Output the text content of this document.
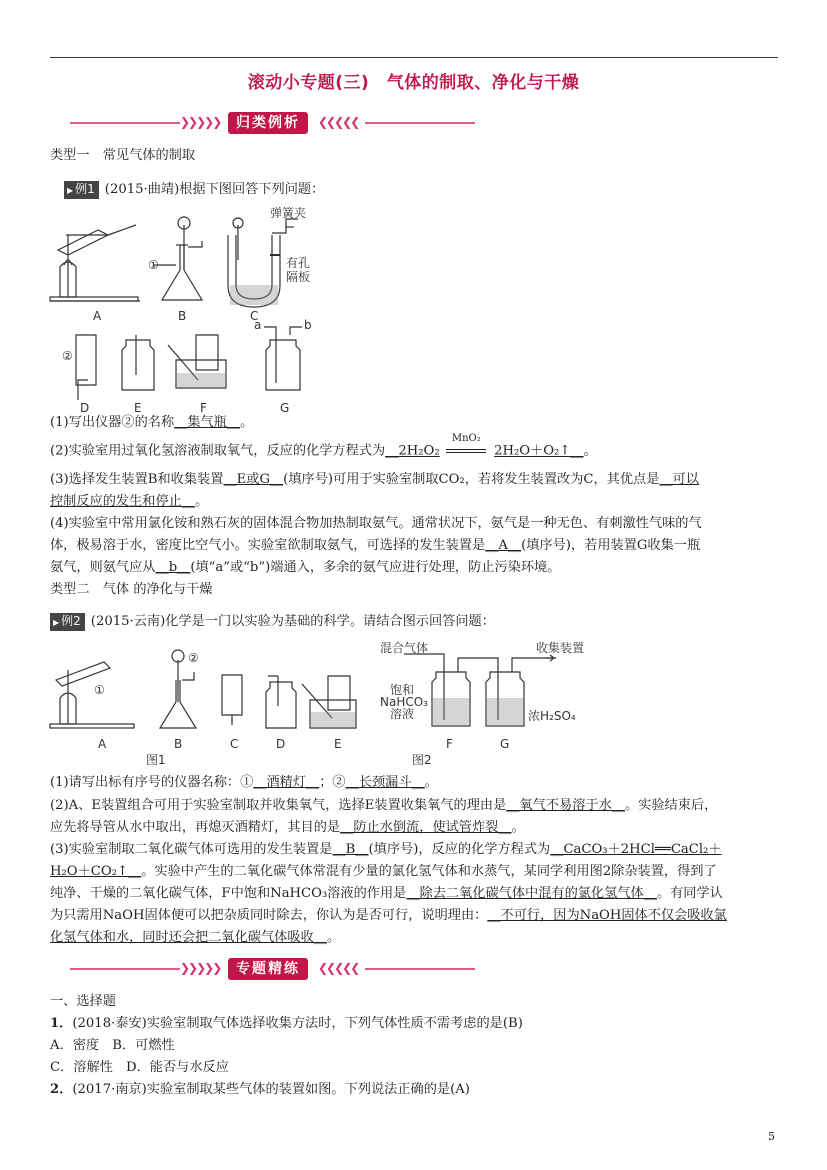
滚动小专题(三)　气体的制取、净化与干燥
❯❯❯❯❯	归类例析	❮❮❮❮❮
类型一　常见气体的制取
▶ 例1 (2015·曲靖)根据下图回答下列问题：
A	B	C
D	E	F	G
弹簧夹
有孔
隔板
①
②
a	b
(1)写出仪器②的名称__集气瓶__。
(2)实验室用过氧化氢溶液制取氧气，反应的化学方程式为__2H₂O₂
MnO₂
2H₂O＋O₂↑__。
(3)选择发生装置B和收集装置__E或G__(填序号)可用于实验室制取CO₂，若将发生装置改为C，其优点是__可以
控制反应的发生和停止__。
(4)实验室中常用氯化铵和熟石灰的固体混合物加热制取氨气。通常状况下，氨气是一种无色、有刺激性气味的气
体，极易溶于水，密度比空气小。实验室欲制取氨气，可选择的发生装置是__A__(填序号)，若用装置G收集一瓶
氨气，则氨气应从__b__(填“a”或“b”)端通入，多余的氨气应进行处理，防止污染环境。
类型二　气体 的净化与干燥
▶ 例2 (2015·云南)化学是一门以实验为基础的科学。请结合图示回答问题：
A	B	C	D	E	F	G
图1	图2
混合气体	收集装置
饱和
NaHCO₃
溶液	浓H₂SO₄
①
②
(1)请写出标有序号的仪器名称：①__酒精灯__；②__长颈漏斗__。
(2)A、E装置组合可用于实验室制取并收集氧气，选择E装置收集氧气的理由是__氧气不易溶于水__。实验结束后，
应先将导管从水中取出，再熄灭酒精灯，其目的是__防止水倒流，使试管炸裂__。
(3)实验室制取二氧化碳气体可选用的发生装置是__B__(填序号)，反应的化学方程式为__CaCO₃＋2HCl══CaCl₂＋
H₂O＋CO₂↑__。实验中产生的二氧化碳气体常混有少量的氯化氢气体和水蒸气，某同学利用图2除杂装置，得到了
纯净、干燥的二氧化碳气体，F中饱和NaHCO₃溶液的作用是__除去二氧化碳气体中混有的氯化氢气体__。有同学认
为只需用NaOH固体便可以把杂质同时除去，你认为是否可行，说明理由：__不可行，因为NaOH固体不仅会吸收氯
化氢气体和水，同时还会把二氧化碳气体吸收__。
❯❯❯❯❯	专题精练	❮❮❮❮❮
一、选择题
1．(2018·泰安)实验室制取气体选择收集方法时，下列气体性质不需考虑的是(B)
A．密度　B．可燃性
C．溶解性　D．能否与水反应
2．(2017·南京)实验室制取某些气体的装置如图。下列说法正确的是(A)
5
